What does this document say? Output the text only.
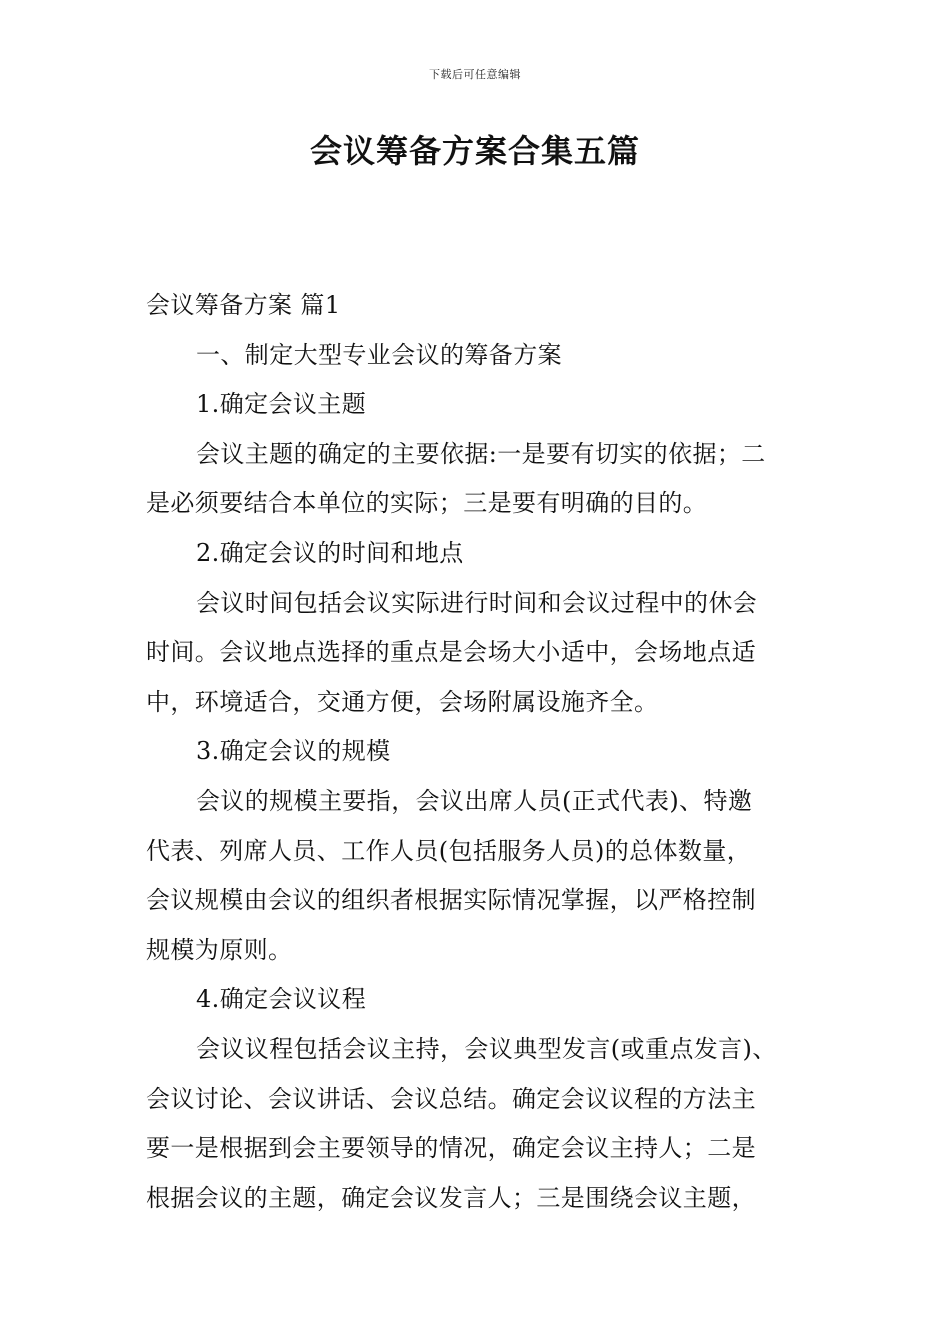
下载后可任意编辑
会议筹备方案合集五篇
会议筹备方案 篇1
一、制定大型专业会议的筹备方案
1.确定会议主题
会议主题的确定的主要依据:一是要有切实的依据；二
是必须要结合本单位的实际；三是要有明确的目的。
2.确定会议的时间和地点
会议时间包括会议实际进行时间和会议过程中的休会
时间。会议地点选择的重点是会场大小适中，会场地点适
中，环境适合，交通方便，会场附属设施齐全。
3.确定会议的规模
会议的规模主要指，会议出席人员(正式代表)、特邀
代表、列席人员、工作人员(包括服务人员)的总体数量，
会议规模由会议的组织者根据实际情况掌握，以严格控制
规模为原则。
4.确定会议议程
会议议程包括会议主持，会议典型发言(或重点发言)、
会议讨论、会议讲话、会议总结。确定会议议程的方法主
要一是根据到会主要领导的情况，确定会议主持人；二是
根据会议的主题，确定会议发言人；三是围绕会议主题，
